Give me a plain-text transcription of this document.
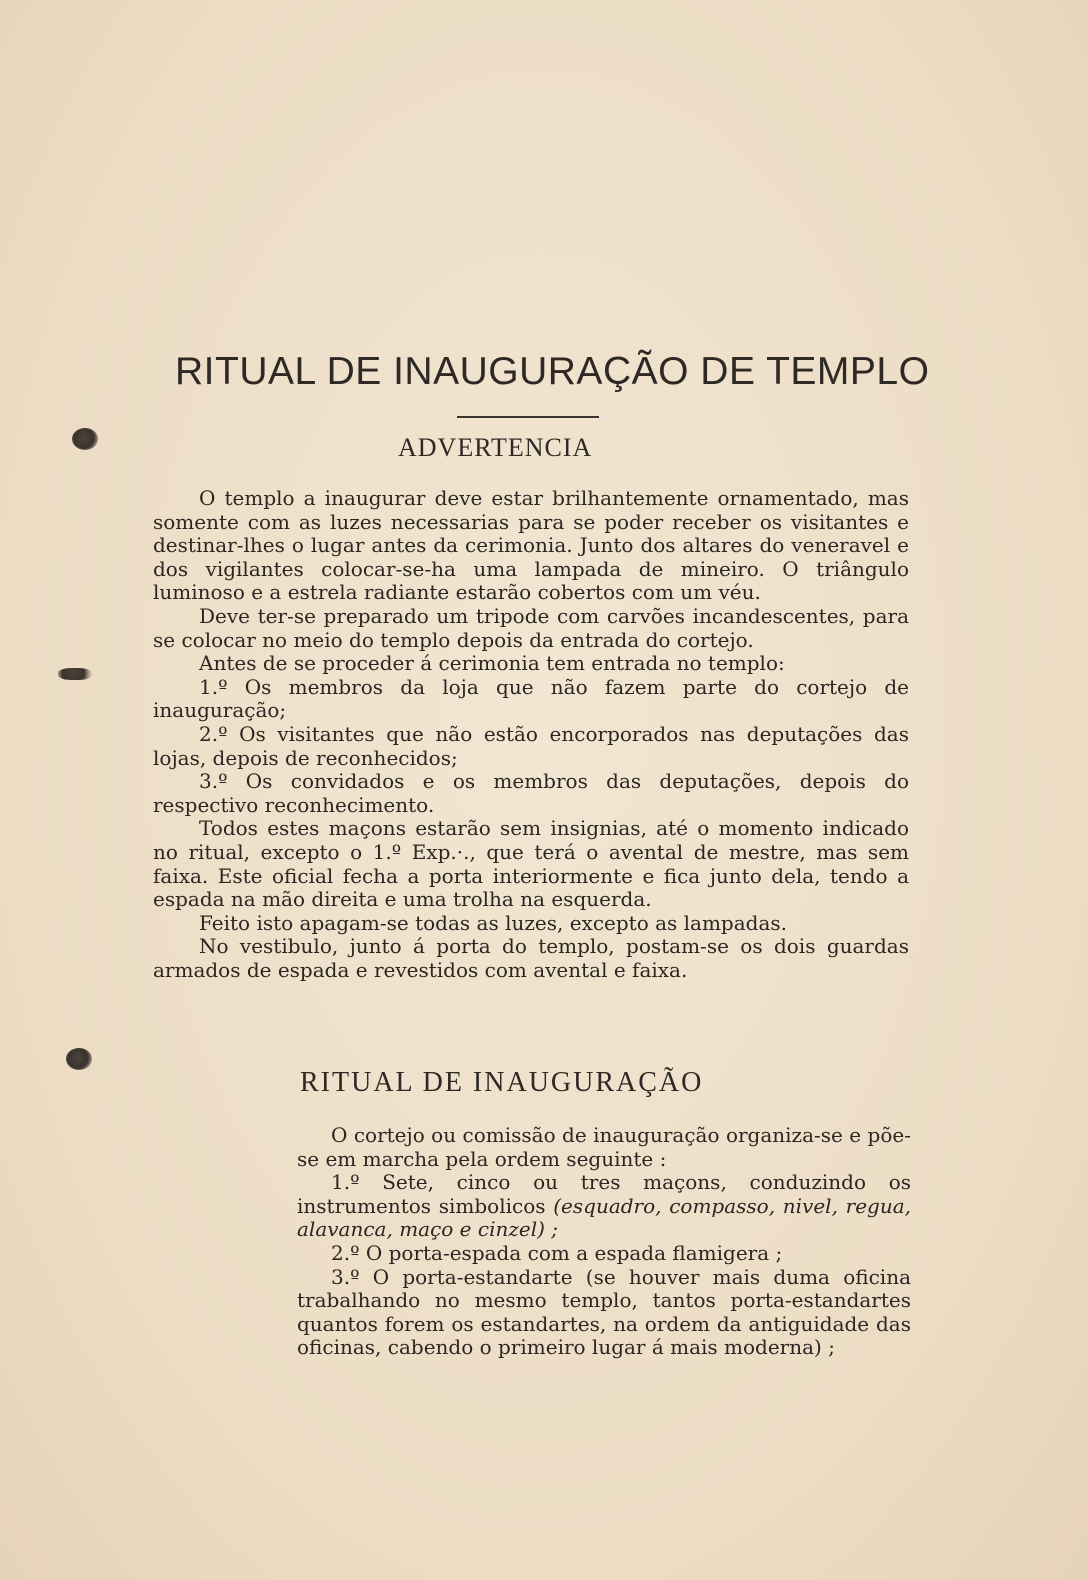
RITUAL DE INAUGURAÇÃO DE TEMPLO
ADVERTENCIA

O templo a inaugurar deve estar brilhantemente ornamentado, mas somente com as luzes necessarias para se poder receber os visitantes e destinar-lhes o lugar antes da cerimonia. Junto dos altares do veneravel e dos vigilantes colocar-se-ha uma lampada de mineiro. O triângulo luminoso e a estrela radiante estarão cobertos com um véu.

Deve ter-se preparado um tripode com carvões incandescentes, para se colocar no meio do templo depois da entrada do cortejo.

Antes de se proceder á cerimonia tem entrada no templo:

1.º Os membros da loja que não fazem parte do cortejo de inauguração;

2.º Os visitantes que não estão encorporados nas deputações das lojas, depois de reconhecidos;

3.º Os convidados e os membros das deputações, depois do respectivo reconhecimento.

Todos estes maçons estarão sem insignias, até o momento indicado no ritual, excepto o 1.º Exp.·., que terá o avental de mestre, mas sem faixa. Este oficial fecha a porta interiormente e fica junto dela, tendo a espada na mão direita e uma trolha na esquerda.

Feito isto apagam-se todas as luzes, excepto as lampadas.

No vestibulo, junto á porta do templo, postam-se os dois guardas armados de espada e revestidos com avental e faixa.

RITUAL DE INAUGURAÇÃO

O cortejo ou comissão de inauguração organiza-se e põe-se em marcha pela ordem seguinte :

1.º Sete, cinco ou tres maçons, conduzindo os instrumentos simbolicos (esquadro, compasso, nivel, regua, alavanca, maço e cinzel) ;

2.º O porta-espada com a espada flamigera ;

3.º O porta-estandarte (se houver mais duma oficina trabalhando no mesmo templo, tantos porta-estandartes quantos forem os estandartes, na ordem da antiguidade das oficinas, cabendo o primeiro lugar á mais moderna) ;
